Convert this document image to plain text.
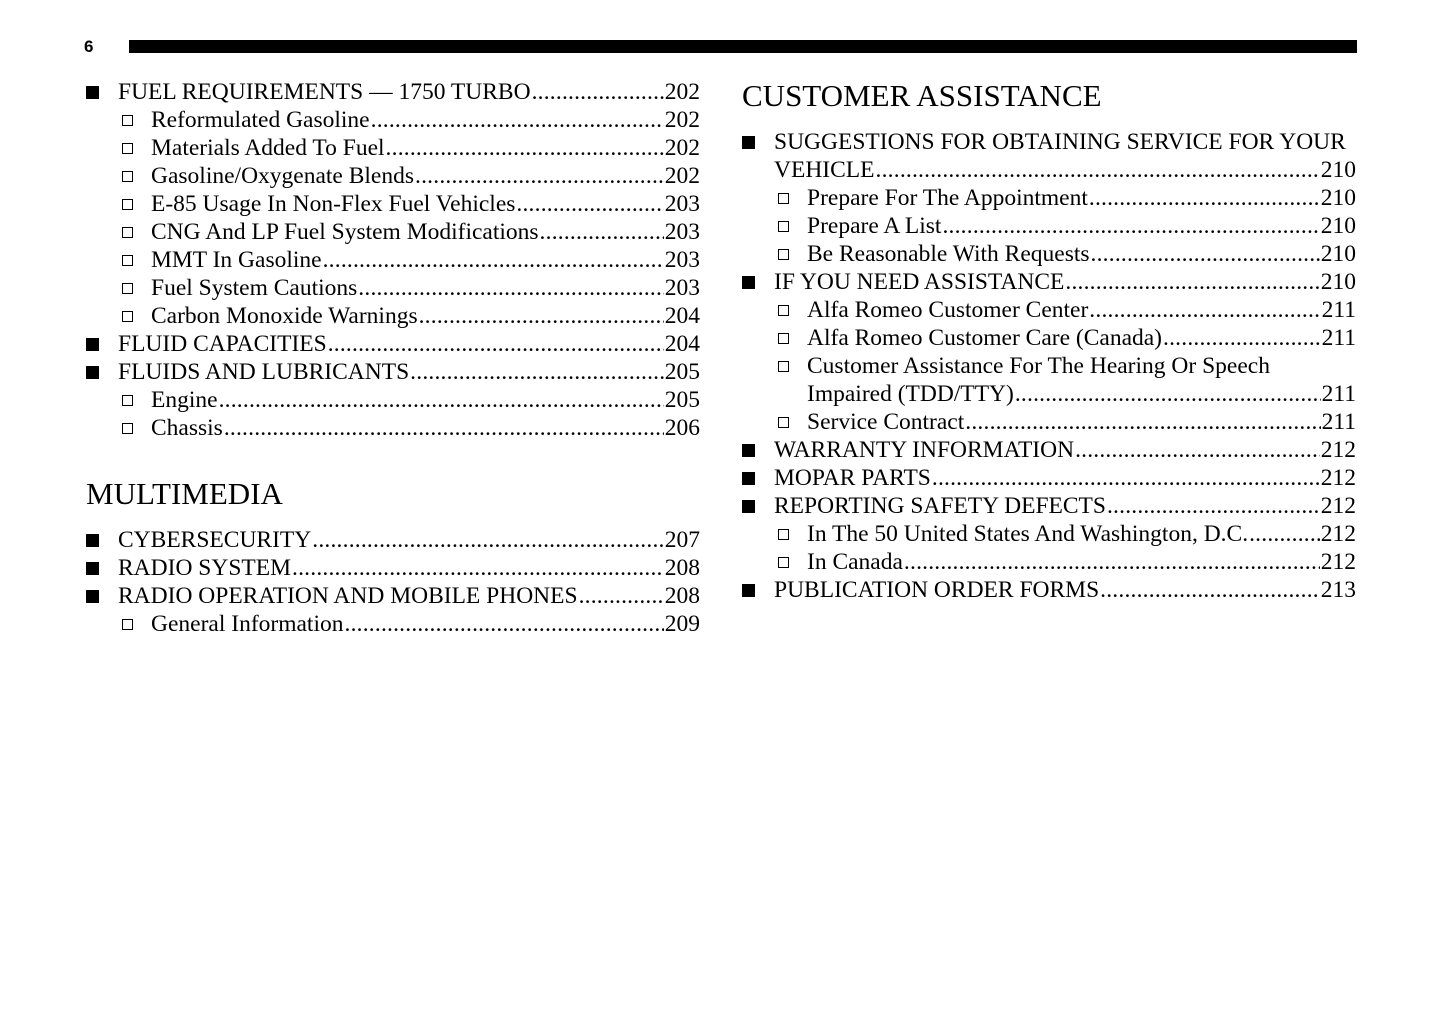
6
FUEL REQUIREMENTS — 1750 TURBO .....	202
Reformulated Gasoline .....	202
Materials Added To Fuel .....	202
Gasoline/Oxygenate Blends .....	202
E-85 Usage In Non-Flex Fuel Vehicles .....	203
CNG And LP Fuel System Modifications .....	203
MMT In Gasoline .....	203
Fuel System Cautions .....	203
Carbon Monoxide Warnings .....	204
FLUID CAPACITIES .....	204
FLUIDS AND LUBRICANTS .....	205
Engine .....	205
Chassis .....	206
MULTIMEDIA
CYBERSECURITY .....	207
RADIO SYSTEM .....	208
RADIO OPERATION AND MOBILE PHONES .....	208
General Information .....	209
CUSTOMER ASSISTANCE
SUGGESTIONS FOR OBTAINING SERVICE FOR YOUR
VEHICLE .....	210
Prepare For The Appointment .....	210
Prepare A List .....	210
Be Reasonable With Requests .....	210
IF YOU NEED ASSISTANCE .....	210
Alfa Romeo Customer Center .....	211
Alfa Romeo Customer Care (Canada) .....	211
Customer Assistance For The Hearing Or Speech
Impaired (TDD/TTY) .....	211
Service Contract .....	211
WARRANTY INFORMATION .....	212
MOPAR PARTS .....	212
REPORTING SAFETY DEFECTS .....	212
In The 50 United States And Washington, D.C. .....	212
In Canada .....	212
PUBLICATION ORDER FORMS .....	213
